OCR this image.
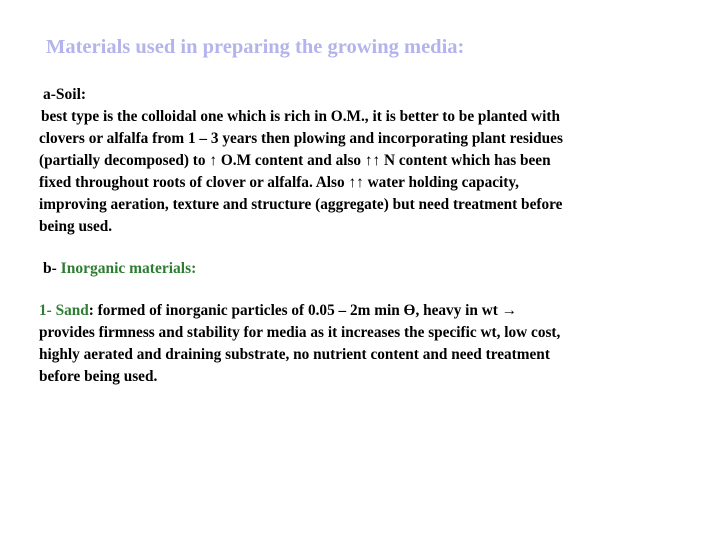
Materials used in preparing the growing media:
a-Soil:
best type is the colloidal one which is rich in O.M., it is better to be planted with
clovers or alfalfa from 1 – 3 years then plowing and incorporating plant residues
(partially decomposed) to ↑ O.M content and also ↑↑ N content which has been
fixed throughout roots of clover or alfalfa. Also ↑↑ water holding capacity,
improving aeration, texture and structure (aggregate) but need treatment before
being used.
b- Inorganic materials:
1- Sand: formed of inorganic particles of 0.05 – 2m min Ө, heavy in wt →
provides firmness and stability for media as it increases the specific wt, low cost,
highly aerated and draining substrate, no nutrient content and need treatment
before being used.
